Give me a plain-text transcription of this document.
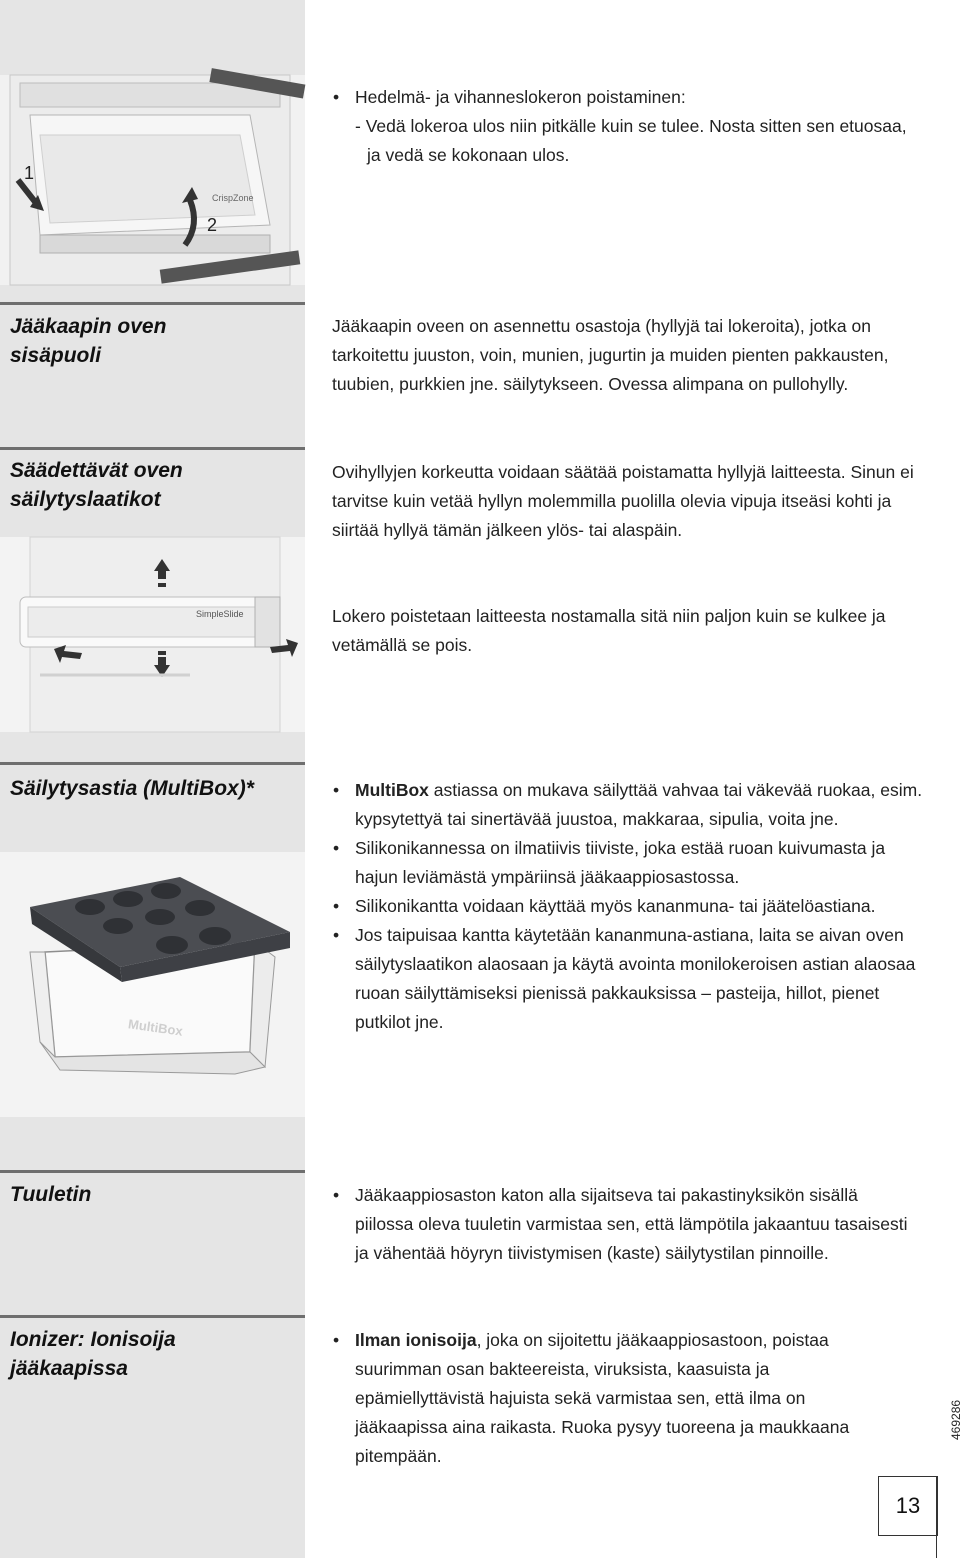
1
2
CrispZone
• Hedelmä- ja vihanneslokeron poistaminen:

- Vedä lokeroa ulos niin pitkälle kuin se tulee. Nosta sitten sen etuosaa, ja vedä se kokonaan ulos.

Jääkaapin oven sisäpuoli
Jääkaapin oveen on asennettu osastoja (hyllyjä tai lokeroita), jotka on tarkoitettu juuston, voin, munien, jugurtin ja muiden pienten pakkausten, tuubien, purkkien jne. säilytykseen. Ovessa alimpana on pullohylly.
Säädettävät oven säilytyslaatikot
Ovihyllyjen korkeutta voidaan säätää poistamatta hyllyjä laitteesta. Sinun ei tarvitse kuin vetää hyllyn molemmilla puolilla olevia vipuja itseäsi kohti ja siirtää hyllyä tämän jälkeen ylös- tai alaspäin.
Lokero poistetaan laitteesta nostamalla sitä niin paljon kuin se kulkee ja vetämällä se pois.
SimpleSlide
Säilytysastia (MultiBox)*	• MultiBox astiassa on mukava säilyttää vahvaa tai väkevää ruokaa, esim. kypsytettyä tai sinertävää juustoa, makkaraa, sipulia, voita jne.
• Silikonikannessa on ilmatiivis tiiviste, joka estää ruoan kuivumasta ja hajun leviämästä ympäriinsä jääkaappiosastossa.
• Silikonikantta voidaan käyttää myös kananmuna- tai jäätelöastiana.
• Jos taipuisaa kantta käytetään kananmuna-astiana, laita se aivan oven säilytyslaatikon alaosaan ja käytä avointa monilokeroisen astian alaosaa ruoan säilyttämiseksi pienissä pakkauksissa – pasteija, hillot, pienet putkilot jne.
MultiBox
Tuuletin	• Jääkaappiosaston katon alla sijaitseva tai pakastinyksikön sisällä piilossa oleva tuuletin varmistaa sen, että lämpötila jakaantuu tasaisesti ja vähentää höyryn tiivistymisen (kaste) säilytystilan pinnoille.
Ionizer: Ionisoija jääkaapissa
• Ilman ionisoija, joka on sijoitettu jääkaappiosastoon, poistaa suurimman osan bakteereista, viruksista, kaasuista ja epämiellyttävistä hajuista sekä varmistaa sen, että ilma on jääkaapissa aina raikasta. Ruoka pysyy tuoreena ja maukkaana pitempään.
13
469286
